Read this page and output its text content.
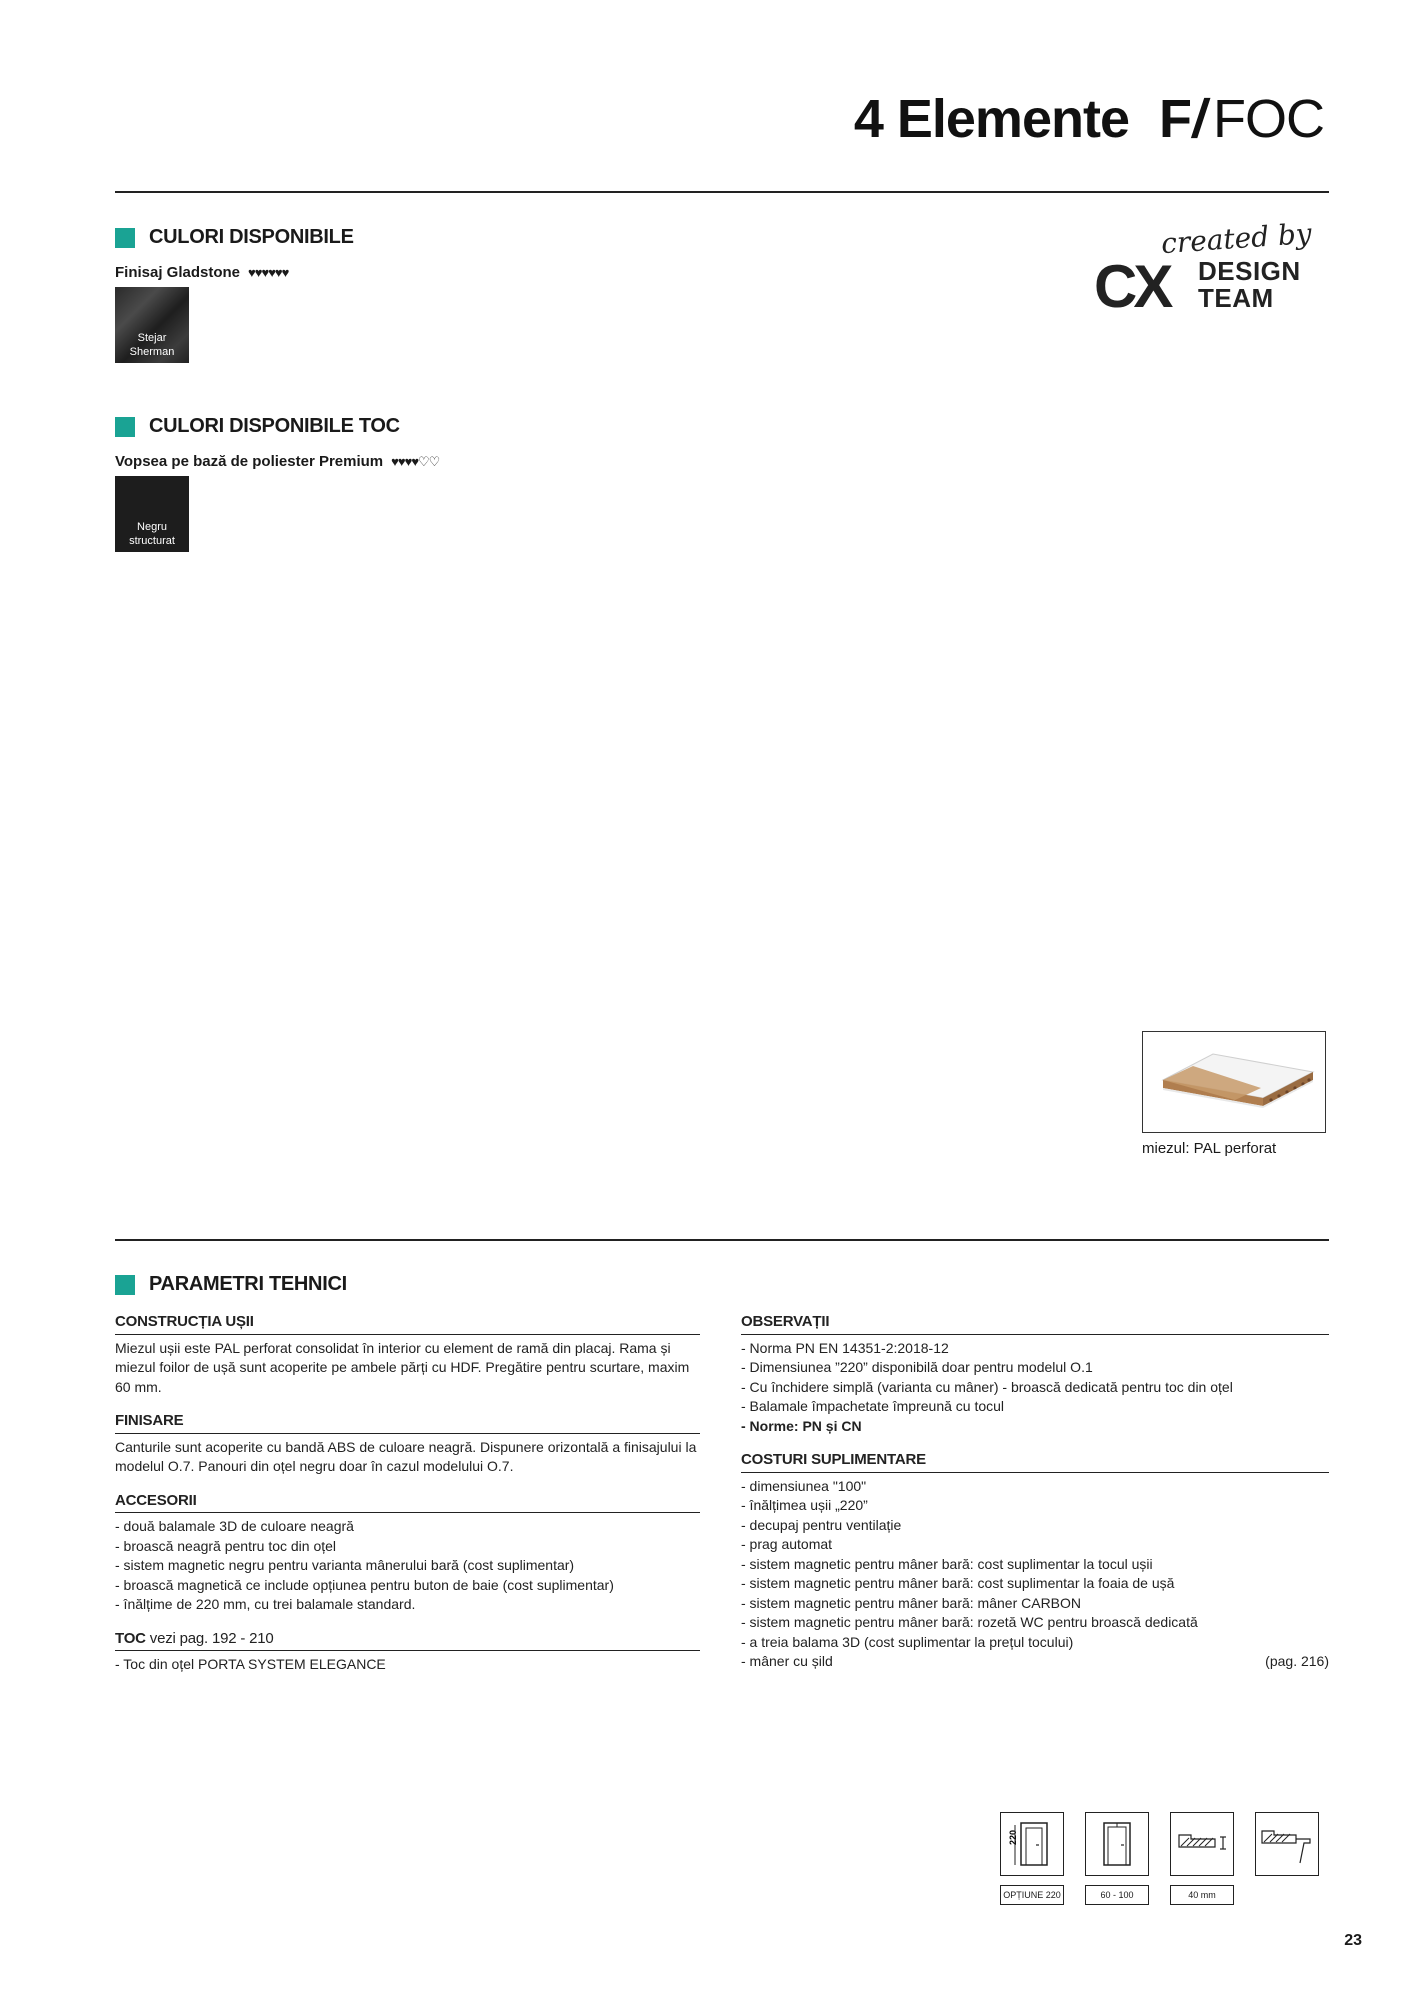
4 Elemente F/FOC
created by
CX DESIGN
TEAM
CULORI DISPONIBILE
Finisaj Gladstone ♥♥♥♥♥♥
Stejar
Sherman
CULORI DISPONIBILE TOC
Vopsea pe bază de poliester Premium ♥♥♥♥♡♡
Negru
structurat
miezul: PAL perforat
PARAMETRI TEHNICI
CONSTRUCȚIA UȘII

Miezul ușii este PAL perforat consolidat în interior cu element de ramă din placaj. Rama și miezul foilor de ușă sunt acoperite pe ambele părți cu HDF. Pregătire pentru scurtare, maxim 60 mm.

FINISARE

Canturile sunt acoperite cu bandă ABS de culoare neagră. Dispunere orizontală a finisajului la modelul O.7. Panouri din oțel negru doar în cazul modelului O.7.

ACCESORII

- două balamale 3D de culoare neagră

- broască neagră pentru toc din oțel

- sistem magnetic negru pentru varianta mânerului bară (cost suplimentar)

- broască magnetică ce include opțiunea pentru buton de baie (cost suplimentar)

- înălțime de 220 mm, cu trei balamale standard.

TOC vezi pag. 192 - 210

- Toc din oțel PORTA SYSTEM ELEGANCE

OBSERVAȚII

- Norma PN EN 14351-2:2018-12

- Dimensiunea ”220” disponibilă doar pentru modelul O.1

- Cu închidere simplă (varianta cu mâner) - broască dedicată pentru toc din oțel

- Balamale împachetate împreună cu tocul

- Norme: PN și CN

COSTURI SUPLIMENTARE

- dimensiunea "100"

- înălțimea ușii „220”

- decupaj pentru ventilație

- prag automat

- sistem magnetic pentru mâner bară: cost suplimentar la tocul ușii

- sistem magnetic pentru mâner bară: cost suplimentar la foaia de ușă

- sistem magnetic pentru mâner bară: mâner CARBON

- sistem magnetic pentru mâner bară: rozetă WC pentru broască dedicată

- a treia balama 3D (cost suplimentar la prețul tocului)

- mâner cu șild	(pag. 216)
220
OPȚIUNE 220	60 - 100	40 mm
23
